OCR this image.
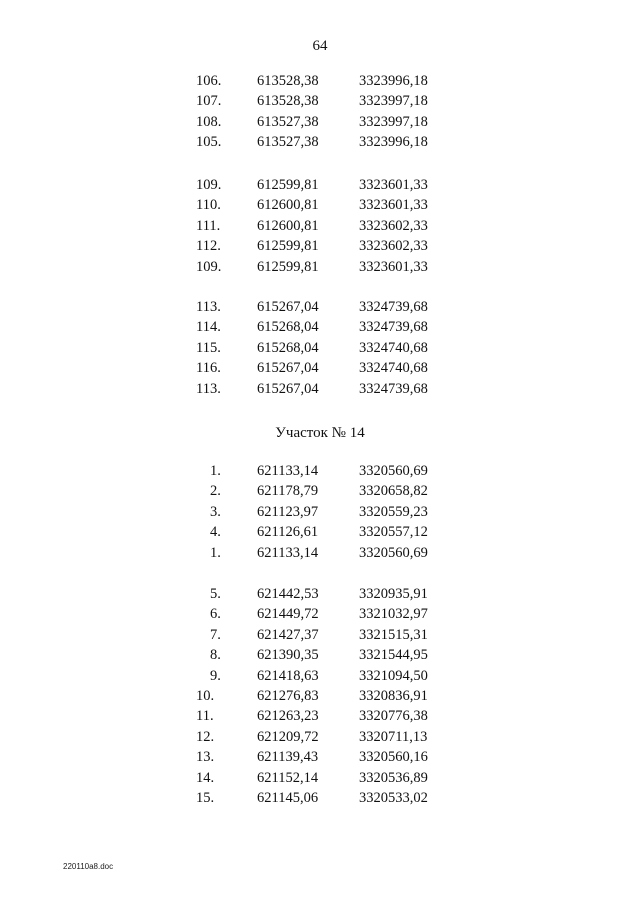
64
106.	613528,38	3323996,18
107.	613528,38	3323997,18
108.	613527,38	3323997,18
105.	613527,38	3323996,18
109.	612599,81	3323601,33
110.	612600,81	3323601,33
111.	612600,81	3323602,33
112.	612599,81	3323602,33
109.	612599,81	3323601,33
113.	615267,04	3324739,68
114.	615268,04	3324739,68
115.	615268,04	3324740,68
116.	615267,04	3324740,68
113.	615267,04	3324739,68
1.	621133,14	3320560,69
2.	621178,79	3320658,82
3.	621123,97	3320559,23
4.	621126,61	3320557,12
1.	621133,14	3320560,69
5.	621442,53	3320935,91
6.	621449,72	3321032,97
7.	621427,37	3321515,31
8.	621390,35	3321544,95
9.	621418,63	3321094,50
10.	621276,83	3320836,91
11.	621263,23	3320776,38
12.	621209,72	3320711,13
13.	621139,43	3320560,16
14.	621152,14	3320536,89
15.	621145,06	3320533,02
Участок № 14
220110a8.doc
